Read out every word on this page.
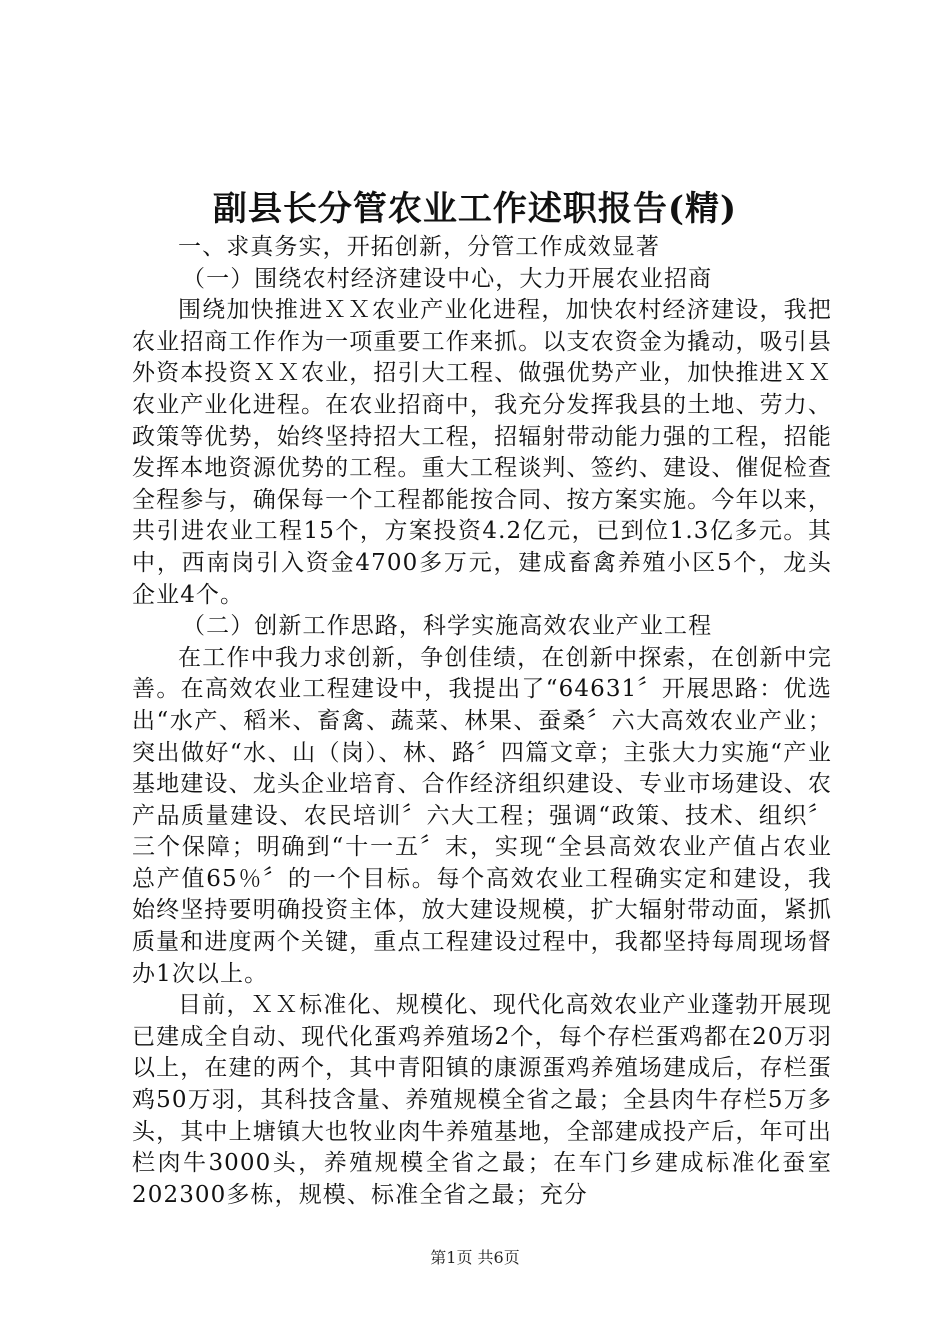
副县长分管农业工作述职报告(精)

一、求真务实，开拓创新，分管工作成效显著

（一）围绕农村经济建设中心，大力开展农业招商

围绕加快推进ＸＸ农业产业化进程，加快农村经济建设，我把农业招商工作作为一项重要工作来抓。以支农资金为撬动，吸引县外资本投资ＸＸ农业，招引大工程、做强优势产业，加快推进ＸＸ农业产业化进程。在农业招商中，我充分发挥我县的土地、劳力、政策等优势，始终坚持招大工程，招辐射带动能力强的工程，招能发挥本地资源优势的工程。重大工程谈判、签约、建设、催促检查全程参与，确保每一个工程都能按合同、按方案实施。今年以来，共引进农业工程15个，方案投资4.2亿元，已到位1.3亿多元。其中，西南岗引入资金4700多万元，建成畜禽养殖小区5个，龙头企业4个。

（二）创新工作思路，科学实施高效农业产业工程

在工作中我力求创新，争创佳绩，在创新中探索，在创新中完善。在高效农业工程建设中，我提出了“64631〞开展思路：优选出“水产、稻米、畜禽、蔬菜、林果、蚕桑〞六大高效农业产业；突出做好“水、山（岗）、林、路〞四篇文章；主张大力实施“产业基地建设、龙头企业培育、合作经济组织建设、专业市场建设、农产品质量建设、农民培训〞六大工程；强调“政策、技术、组织〞三个保障；明确到“十一五〞末，实现“全县高效农业产值占农业总产值65％〞的一个目标。每个高效农业工程确实定和建设，我始终坚持要明确投资主体，放大建设规模，扩大辐射带动面，紧抓质量和进度两个关键，重点工程建设过程中，我都坚持每周现场督办1次以上。

目前，ＸＸ标准化、规模化、现代化高效农业产业蓬勃开展现已建成全自动、现代化蛋鸡养殖场2个，每个存栏蛋鸡都在20万羽以上，在建的两个，其中青阳镇的康源蛋鸡养殖场建成后，存栏蛋鸡50万羽，其科技含量、养殖规模全省之最；全县肉牛存栏5万多头，其中上塘镇大也牧业肉牛养殖基地，全部建成投产后，年可出栏肉牛3000头，养殖规模全省之最；在车门乡建成标准化蚕室202300多栋，规模、标准全省之最；充分

第1页 共6页
